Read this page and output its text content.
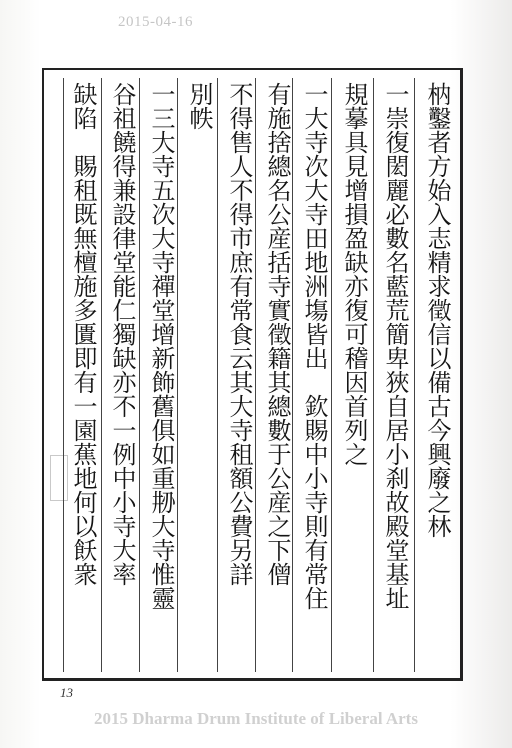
2015-04-16
枘鑿者方始入志精求徵信以備古今興廢之林
一崇復閎麗必數名藍荒簡卑狹自居小刹故殿堂基址
規摹具見增損盈缺亦復可稽因首列之
一大寺次大寺田地洲塲皆出　欽賜中小寺則有常住
有施捨總名公産括寺實徵籍其總數于公産之下僧
不得售人不得市庶有常食云其大寺租額公費另詳
別帙
一三大寺五次大寺禪堂增新飾舊俱如重刱大寺惟靈
谷祖饒得兼設律堂能仁獨缺亦不一例中小寺大率
缺陷　賜租既無檀施多匱即有一園蕉地何以飫衆
13
2015 Dharma Drum Institute of Liberal Arts
